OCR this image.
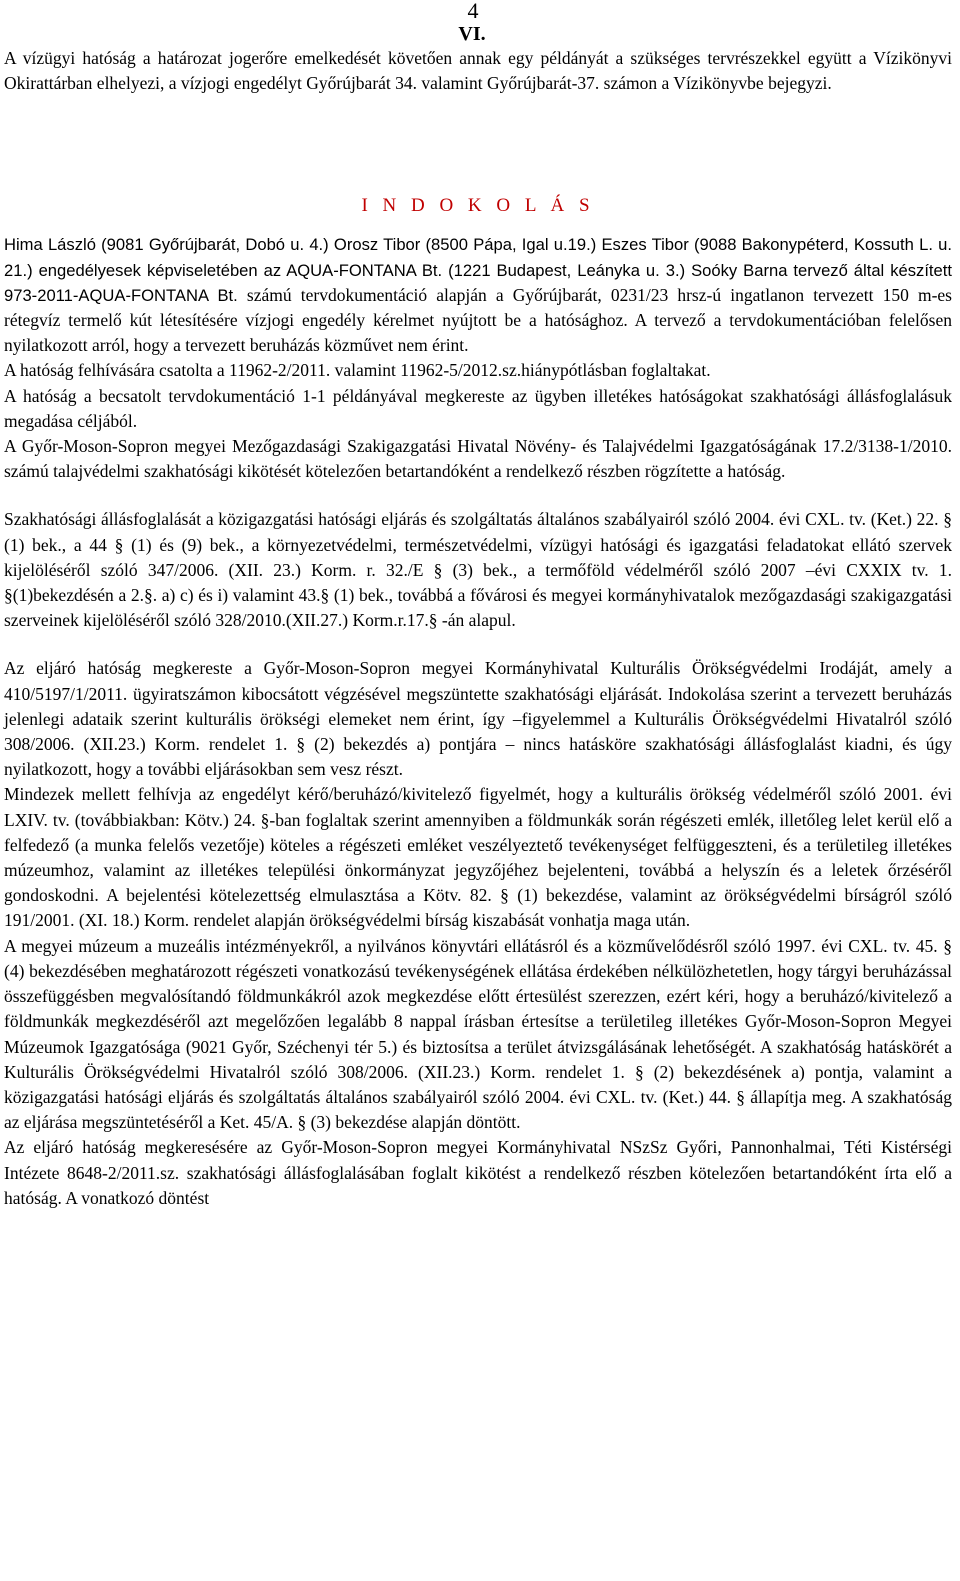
4
VI.

A vízügyi hatóság a határozat jogerőre emelkedését követően annak egy példányát a szükséges tervrészekkel együtt a Vízikönyvi Okirattárban elhelyezi, a vízjogi engedélyt Győrújbarát 34. valamint Győrújbarát-37. számon a Vízikönyvbe bejegyzi.

I N D O K O L Á S

Hima László (9081 Győrújbarát, Dobó u. 4.) Orosz Tibor (8500 Pápa, Igal u.19.) Eszes Tibor (9088 Bakonypéterd, Kossuth L. u. 21.) engedélyesek képviseletében az AQUA-FONTANA Bt. (1221 Budapest, Leányka u. 3.) Soóky Barna tervező által készített 973-2011-AQUA-FONTANA Bt. számú tervdokumentáció alapján a Győrújbarát, 0231/23 hrsz-ú ingatlanon tervezett 150 m-es rétegvíz termelő kút létesítésére vízjogi engedély kérelmet nyújtott be a hatósághoz. A tervező a tervdokumentációban felelősen nyilatkozott arról, hogy a tervezett beruházás közművet nem érint.

A hatóság felhívására csatolta a 11962-2/2011. valamint 11962-5/2012.sz.hiánypótlásban foglaltakat.

A hatóság a becsatolt tervdokumentáció 1-1 példányával megkereste az ügyben illetékes hatóságokat szakhatósági állásfoglalásuk megadása céljából.

A Győr-Moson-Sopron megyei Mezőgazdasági Szakigazgatási Hivatal Növény- és Talajvédelmi Igazgatóságának 17.2/3138-1/2010. számú talajvédelmi szakhatósági kikötését kötelezően betartandóként a rendelkező részben rögzítette a hatóság.

Szakhatósági állásfoglalását a közigazgatási hatósági eljárás és szolgáltatás általános szabályairól szóló 2004. évi CXL. tv. (Ket.) 22. § (1) bek., a 44 § (1) és (9) bek., a környezetvédelmi, természetvédelmi, vízügyi hatósági és igazgatási feladatokat ellátó szervek kijelöléséről szóló 347/2006. (XII. 23.) Korm. r. 32./E § (3) bek., a termőföld védelméről szóló 2007 –évi CXXIX tv. 1. §(1)bekezdésén a 2.§. a) c) és i) valamint 43.§ (1) bek., továbbá a fővárosi és megyei kormányhivatalok mezőgazdasági szakigazgatási szerveinek kijelöléséről szóló 328/2010.(XII.27.) Korm.r.17.§ -án alapul.

Az eljáró hatóság megkereste a Győr-Moson-Sopron megyei Kormányhivatal Kulturális Örökségvédelmi Irodáját, amely a 410/5197/1/2011. ügyiratszámon kibocsátott végzésével megszüntette szakhatósági eljárását. Indokolása szerint a tervezett beruházás jelenlegi adataik szerint kulturális örökségi elemeket nem érint, így –figyelemmel a Kulturális Örökségvédelmi Hivatalról szóló 308/2006. (XII.23.) Korm. rendelet 1. § (2) bekezdés a) pontjára – nincs hatásköre szakhatósági állásfoglalást kiadni, és úgy nyilatkozott, hogy a további eljárásokban sem vesz részt.

Mindezek mellett felhívja az engedélyt kérő/beruházó/kivitelező figyelmét, hogy a kulturális örökség védelméről szóló 2001. évi LXIV. tv. (továbbiakban: Kötv.) 24. §-ban foglaltak szerint amennyiben a földmunkák során régészeti emlék, illetőleg lelet kerül elő a felfedező (a munka felelős vezetője) köteles a régészeti emléket veszélyeztető tevékenységet felfüggeszteni, és a területileg illetékes múzeumhoz, valamint az illetékes települési önkormányzat jegyzőjéhez bejelenteni, továbbá a helyszín és a leletek őrzéséről gondoskodni. A bejelentési kötelezettség elmulasztása a Kötv. 82. § (1) bekezdése, valamint az örökségvédelmi bírságról szóló 191/2001. (XI. 18.) Korm. rendelet alapján örökségvédelmi bírság kiszabását vonhatja maga után.

A megyei múzeum a muzeális intézményekről, a nyilvános könyvtári ellátásról és a közművelődésről szóló 1997. évi CXL. tv. 45. § (4) bekezdésében meghatározott régészeti vonatkozású tevékenységének ellátása érdekében nélkülözhetetlen, hogy tárgyi beruházással összefüggésben megvalósítandó földmunkákról azok megkezdése előtt értesülést szerezzen, ezért kéri, hogy a beruházó/kivitelező a földmunkák megkezdéséről azt megelőzően legalább 8 nappal írásban értesítse a területileg illetékes Győr-Moson-Sopron Megyei Múzeumok Igazgatósága (9021 Győr, Széchenyi tér 5.) és biztosítsa a terület átvizsgálásának lehetőségét. A szakhatóság hatáskörét a Kulturális Örökségvédelmi Hivatalról szóló 308/2006. (XII.23.) Korm. rendelet 1. § (2) bekezdésének a) pontja, valamint a közigazgatási hatósági eljárás és szolgáltatás általános szabályairól szóló 2004. évi CXL. tv. (Ket.) 44. § állapítja meg. A szakhatóság az eljárása megszüntetéséről a Ket. 45/A. § (3) bekezdése alapján döntött.

Az eljáró hatóság megkeresésére az Győr-Moson-Sopron megyei Kormányhivatal NSzSz Győri, Pannonhalmai, Téti Kistérségi Intézete 8648-2/2011.sz. szakhatósági állásfoglalásában foglalt kikötést a rendelkező részben kötelezően betartandóként írta elő a hatóság. A vonatkozó döntést
